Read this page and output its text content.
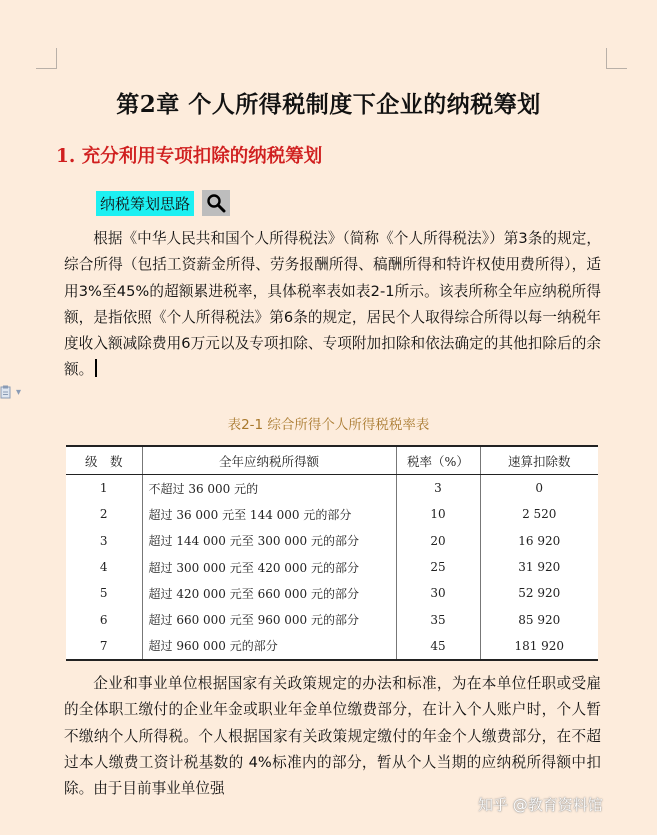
第2章 个人所得税制度下企业的纳税筹划
1. 充分利用专项扣除的纳税筹划
纳税筹划思路
根据《中华人民共和国个人所得税法》（简称《个人所得税法》）第3条的规定，综合所得（包括工资薪金所得、劳务报酬所得、稿酬所得和特许权使用费所得），适用3%至45%的超额累进税率，具体税率表如表2-1所示。该表所称全年应纳税所得额，是指依照《个人所得税法》第6条的规定，居民个人取得综合所得以每一纳税年度收入额减除费用6万元以及专项扣除、专项附加扣除和依法确定的其他扣除后的余额。
▾
表2-1 综合所得个人所得税税率表
级　数	全年应纳税所得额	税率（%）	速算扣除数
1	不超过 36 000 元的	3	0
2	超过 36 000 元至 144 000 元的部分	10	2 520
3	超过 144 000 元至 300 000 元的部分	20	16 920
4	超过 300 000 元至 420 000 元的部分	25	31 920
5	超过 420 000 元至 660 000 元的部分	30	52 920
6	超过 660 000 元至 960 000 元的部分	35	85 920
7	超过 960 000 元的部分	45	181 920
企业和事业单位根据国家有关政策规定的办法和标准，为在本单位任职或受雇的全体职工缴付的企业年金或职业年金单位缴费部分，在计入个人账户时，个人暂不缴纳个人所得税。个人根据国家有关政策规定缴付的年金个人缴费部分，在不超过本人缴费工资计税基数的 4%标准内的部分，暂从个人当期的应纳税所得额中扣除。由于目前事业单位强
知乎 @教育资料馆
